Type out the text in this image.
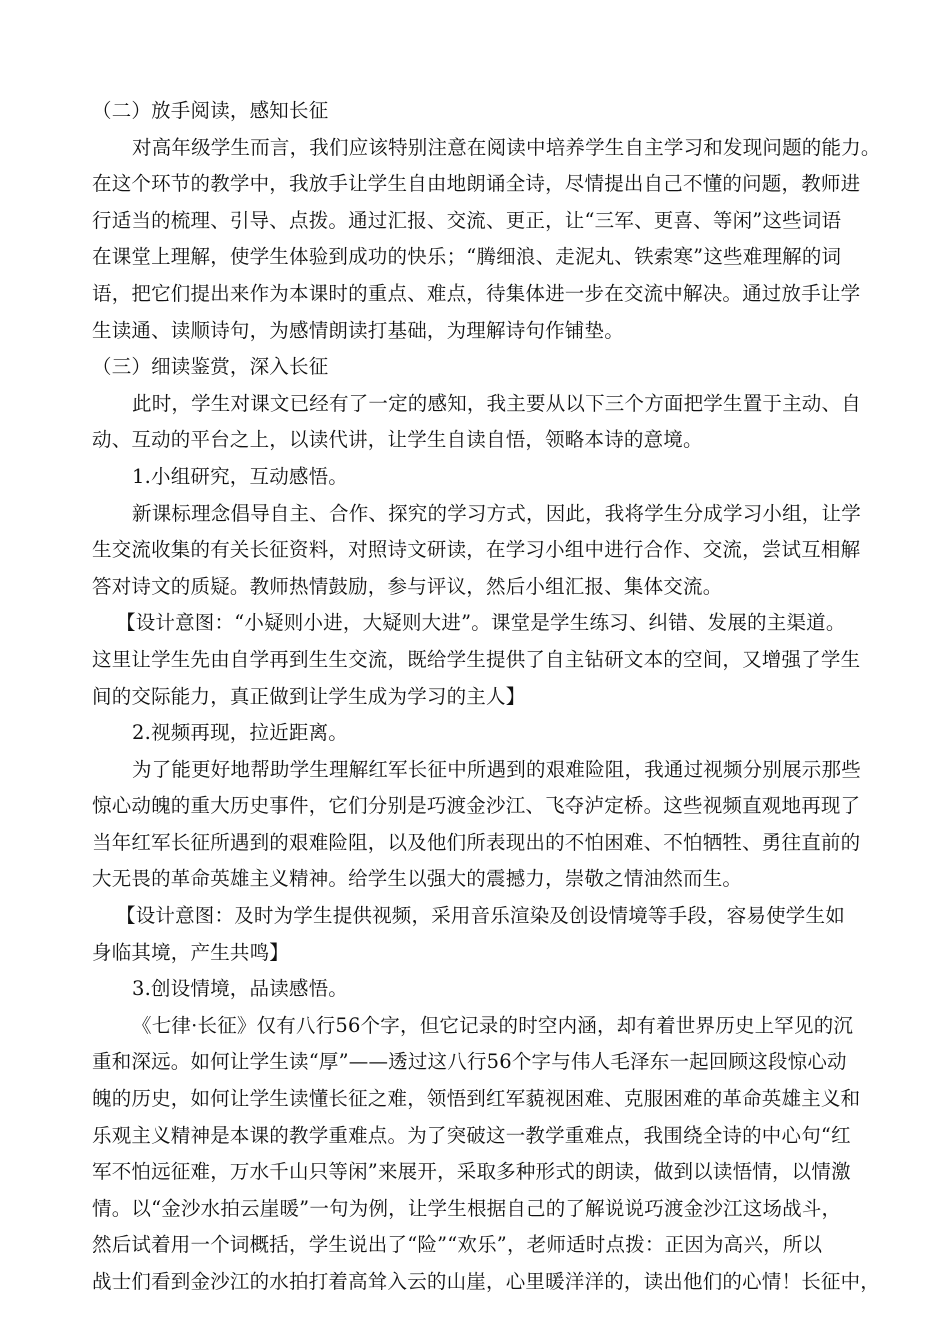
（二）放手阅读，感知长征
对高年级学生而言，我们应该特别注意在阅读中培养学生自主学习和发现问题的能力。
在这个环节的教学中，我放手让学生自由地朗诵全诗，尽情提出自己不懂的问题，教师进
行适当的梳理、引导、点拨。通过汇报、交流、更正，让“三军、更喜、等闲”这些词语
在课堂上理解，使学生体验到成功的快乐；“腾细浪、走泥丸、铁索寒”这些难理解的词
语，把它们提出来作为本课时的重点、难点，待集体进一步在交流中解决。通过放手让学
生读通、读顺诗句，为感情朗读打基础，为理解诗句作铺垫。
（三）细读鉴赏，深入长征
此时，学生对课文已经有了一定的感知，我主要从以下三个方面把学生置于主动、自
动、互动的平台之上，以读代讲，让学生自读自悟，领略本诗的意境。
1.小组研究，互动感悟。
新课标理念倡导自主、合作、探究的学习方式，因此，我将学生分成学习小组，让学
生交流收集的有关长征资料，对照诗文研读，在学习小组中进行合作、交流，尝试互相解
答对诗文的质疑。教师热情鼓励，参与评议，然后小组汇报、集体交流。
【设计意图：“小疑则小进，大疑则大进”。课堂是学生练习、纠错、发展的主渠道。
这里让学生先由自学再到生生交流，既给学生提供了自主钻研文本的空间，又增强了学生
间的交际能力，真正做到让学生成为学习的主人】
2.视频再现，拉近距离。
为了能更好地帮助学生理解红军长征中所遇到的艰难险阻，我通过视频分别展示那些
惊心动魄的重大历史事件，它们分别是巧渡金沙江、飞夺泸定桥。这些视频直观地再现了
当年红军长征所遇到的艰难险阻，以及他们所表现出的不怕困难、不怕牺牲、勇往直前的
大无畏的革命英雄主义精神。给学生以强大的震撼力，崇敬之情油然而生。
【设计意图：及时为学生提供视频，采用音乐渲染及创设情境等手段，容易使学生如
身临其境，产生共鸣】
3.创设情境，品读感悟。
《七律·长征》仅有八行56个字，但它记录的时空内涵，却有着世界历史上罕见的沉
重和深远。如何让学生读“厚”——透过这八行56个字与伟人毛泽东一起回顾这段惊心动
魄的历史，如何让学生读懂长征之难，领悟到红军藐视困难、克服困难的革命英雄主义和
乐观主义精神是本课的教学重难点。为了突破这一教学重难点，我围绕全诗的中心句“红
军不怕远征难，万水千山只等闲”来展开，采取多种形式的朗读，做到以读悟情，以情激
情。以“金沙水拍云崖暖”一句为例，让学生根据自己的了解说说巧渡金沙江这场战斗，
然后试着用一个词概括，学生说出了“险”“欢乐”，老师适时点拨：正因为高兴，所以
战士们看到金沙江的水拍打着高耸入云的山崖，心里暖洋洋的，读出他们的心情！长征中，
